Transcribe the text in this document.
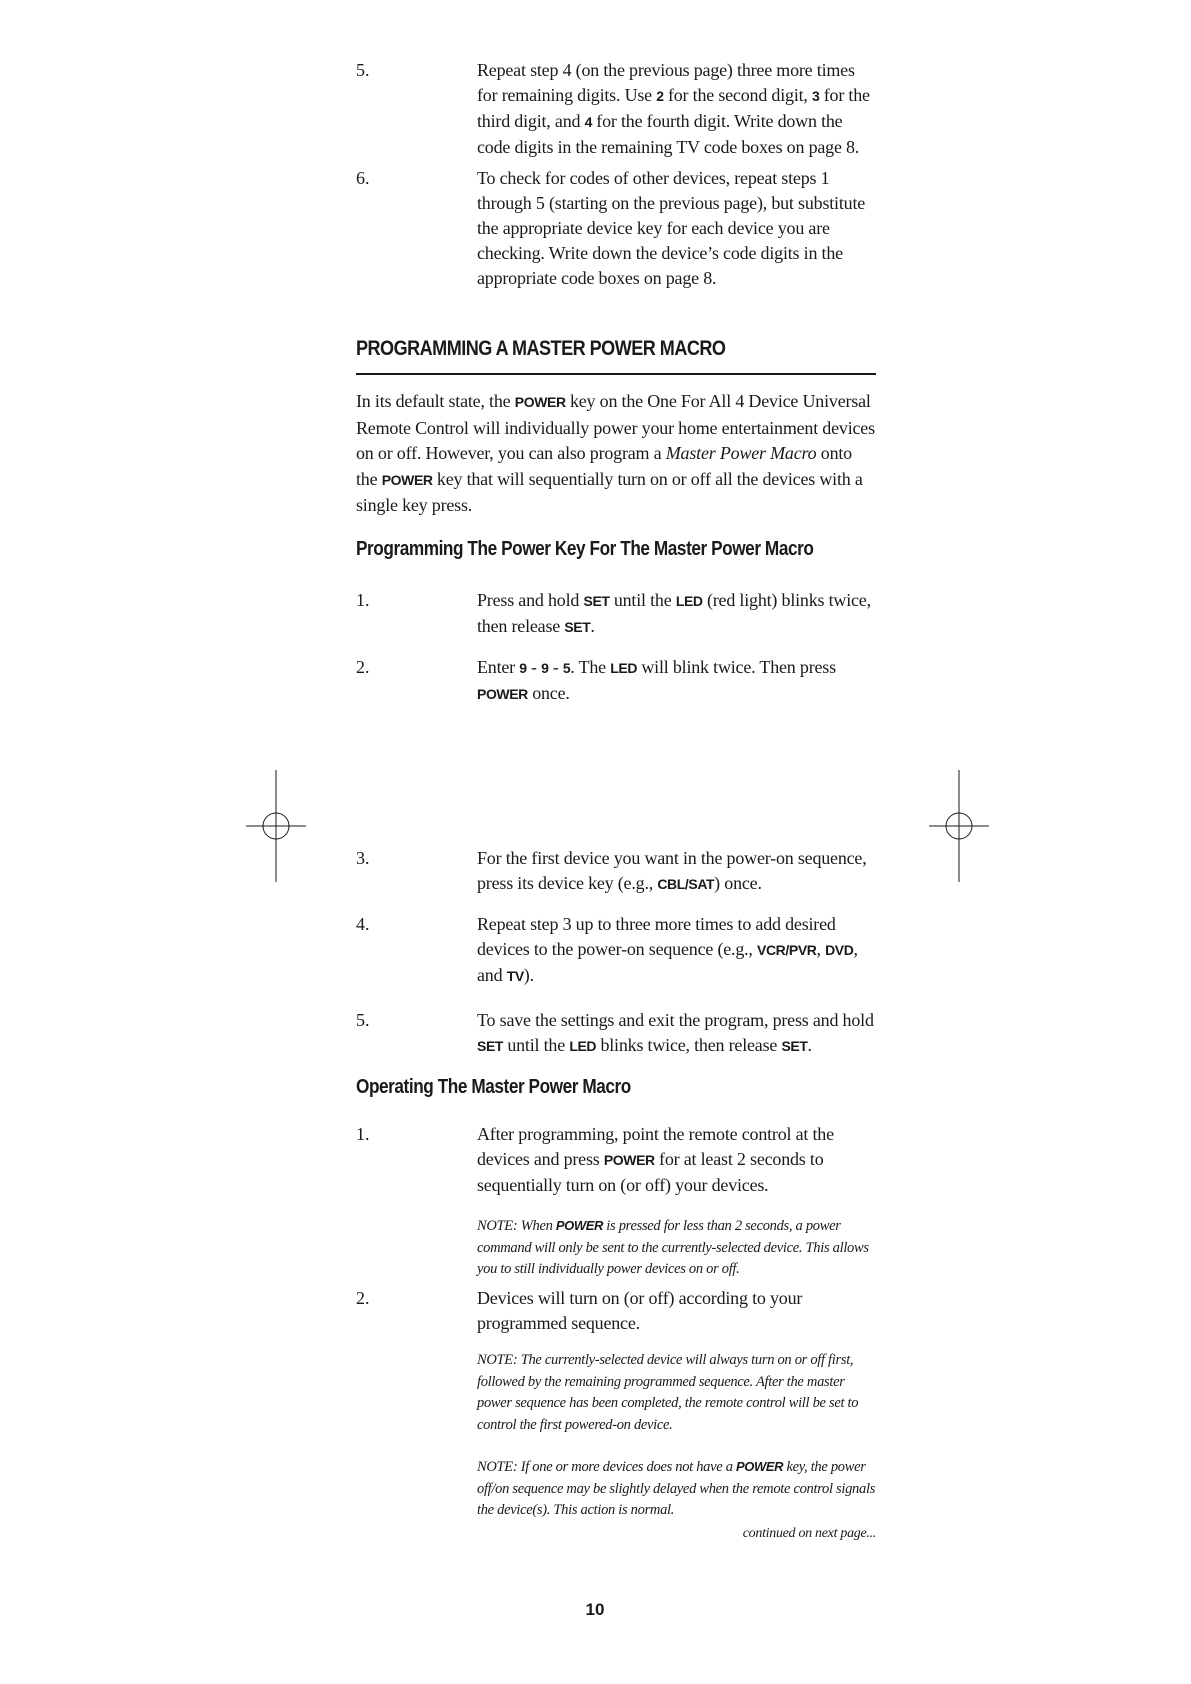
5.	Repeat step 4 (on the previous page) three more times for remaining digits. Use 2 for the second digit, 3 for the third digit, and 4 for the fourth digit. Write down the code digits in the remaining TV code boxes on page 8.
6.	To check for codes of other devices, repeat steps 1 through 5 (starting on the previous page), but substitute the appropriate device key for each device you are checking. Write down the device’s code digits in the appropriate code boxes on page 8.
PROGRAMMING A MASTER POWER MACRO
In its default state, the POWER key on the One For All 4 Device Universal Remote Control will individually power your home entertainment devices on or off. However, you can also program a Master Power Macro onto the POWER key that will sequentially turn on or off all the devices with a single key press.
Programming The Power Key For The Master Power Macro
1.	Press and hold SET until the LED (red light) blinks twice, then release SET.
2.	Enter 9 - 9 - 5. The LED will blink twice. Then press POWER once.
3.	For the first device you want in the power-on sequence, press its device key (e.g., CBL/SAT) once.
4.	Repeat step 3 up to three more times to add desired devices to the power-on sequence (e.g., VCR/PVR, DVD, and TV).
5.	To save the settings and exit the program, press and hold SET until the LED blinks twice, then release SET.
Operating The Master Power Macro
1.	After programming, point the remote control at the devices and press POWER for at least 2 seconds to sequentially turn on (or off) your devices.
NOTE: When POWER is pressed for less than 2 seconds, a power command will only be sent to the currently-selected device. This allows you to still individually power devices on or off.
2.	Devices will turn on (or off) according to your programmed sequence.
NOTE: The currently-selected device will always turn on or off first, followed by the remaining programmed sequence. After the master power sequence has been completed, the remote control will be set to control the first powered-on device.
NOTE: If one or more devices does not have a POWER key, the power off/on sequence may be slightly delayed when the remote control signals the device(s). This action is normal.
continued on next page...
10
